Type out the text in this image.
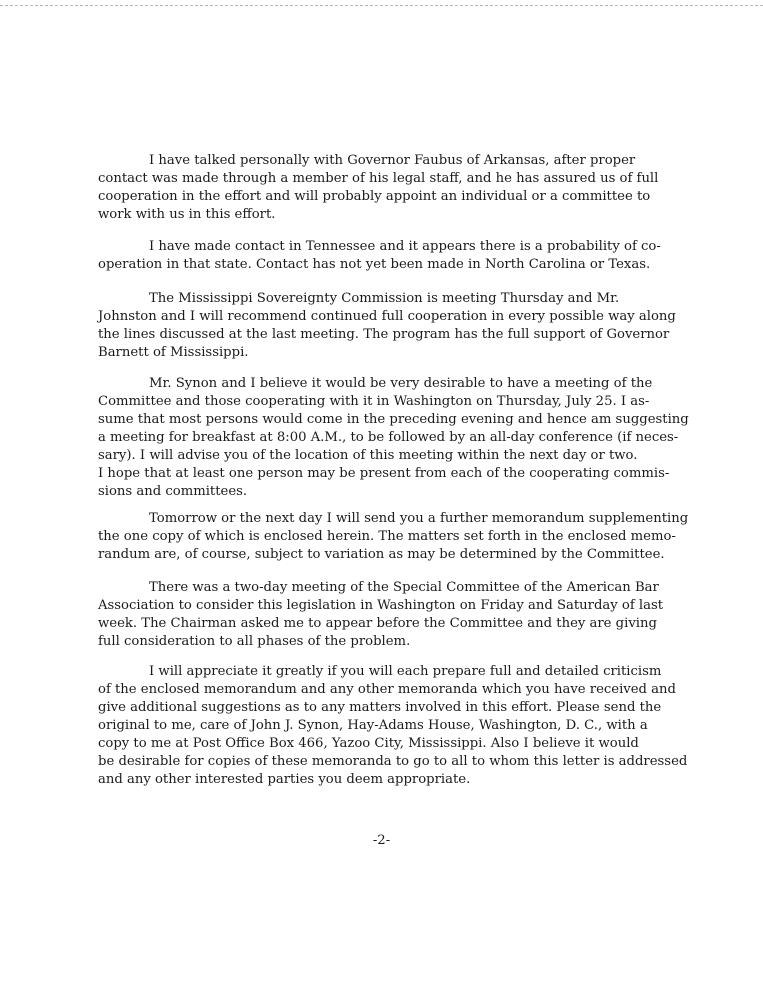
I have talked personally with Governor Faubus of Arkansas, after proper
contact was made through a member of his legal staff, and he has assured us of full
cooperation in the effort and will probably appoint an individual or a committee to
work with us in this effort.
I have made contact in Tennessee and it appears there is a probability of co-
operation in that state. Contact has not yet been made in North Carolina or Texas.
The Mississippi Sovereignty Commission is meeting Thursday and Mr.
Johnston and I will recommend continued full cooperation in every possible way along
the lines discussed at the last meeting. The program has the full support of Governor
Barnett of Mississippi.
Mr. Synon and I believe it would be very desirable to have a meeting of the
Committee and those cooperating with it in Washington on Thursday, July 25. I as-
sume that most persons would come in the preceding evening and hence am suggesting
a meeting for breakfast at 8:00 A.M., to be followed by an all-day conference (if neces-
sary). I will advise you of the location of this meeting within the next day or two.
I hope that at least one person may be present from each of the cooperating commis-
sions and committees.
Tomorrow or the next day I will send you a further memorandum supplementing
the one copy of which is enclosed herein. The matters set forth in the enclosed memo-
randum are, of course, subject to variation as may be determined by the Committee.
There was a two-day meeting of the Special Committee of the American Bar
Association to consider this legislation in Washington on Friday and Saturday of last
week. The Chairman asked me to appear before the Committee and they are giving
full consideration to all phases of the problem.
I will appreciate it greatly if you will each prepare full and detailed criticism
of the enclosed memorandum and any other memoranda which you have received and
give additional suggestions as to any matters involved in this effort. Please send the
original to me, care of John J. Synon, Hay-Adams House, Washington, D. C., with a
copy to me at Post Office Box 466, Yazoo City, Mississippi. Also I believe it would
be desirable for copies of these memoranda to go to all to whom this letter is addressed
and any other interested parties you deem appropriate.
-2-
